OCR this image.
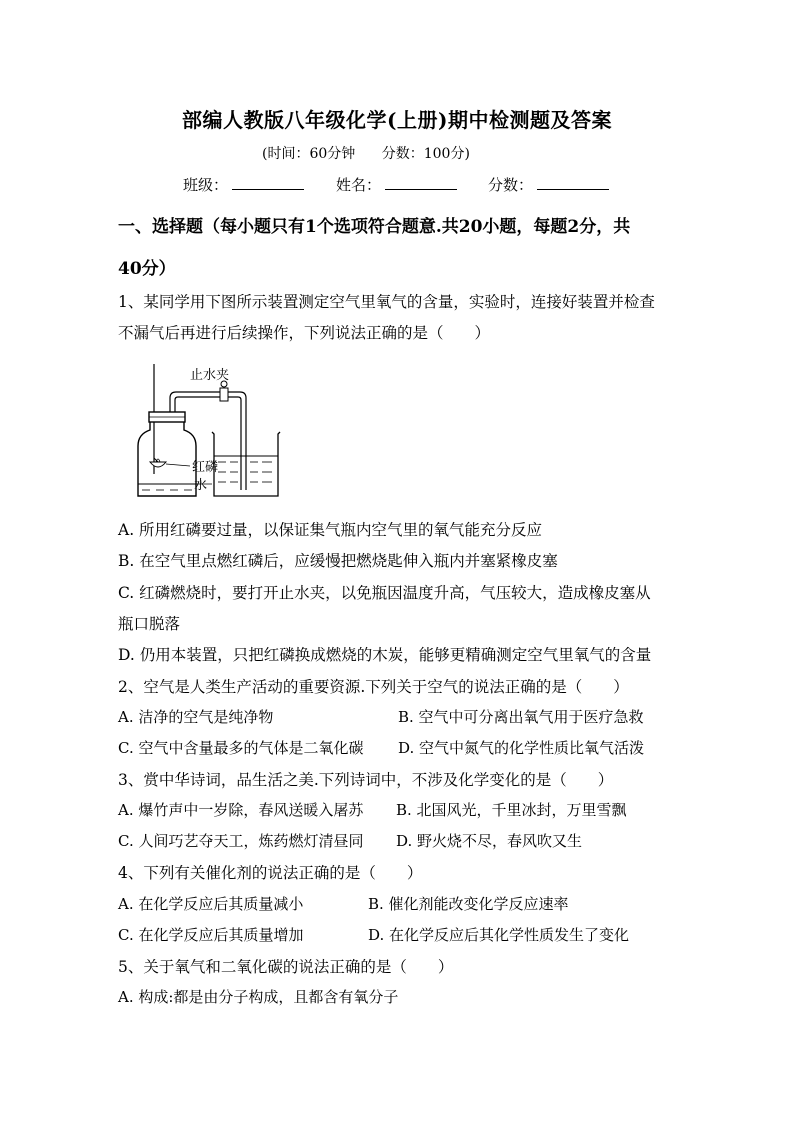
部编人教版八年级化学(上册)期中检测题及答案
(时间：60分钟 分数：100分)
班级：	姓名：	分数：
一、选择题（每小题只有1个选项符合题意.共20小题，每题2分，共
40分）
1、某同学用下图所示装置测定空气里氧气的含量，实验时，连接好装置并检查
不漏气后再进行后续操作，下列说法正确的是（　　）
止水夹
红磷
水
A. 所用红磷要过量，以保证集气瓶内空气里的氧气能充分反应
B. 在空气里点燃红磷后，应缓慢把燃烧匙伸入瓶内并塞紧橡皮塞
C. 红磷燃烧时，要打开止水夹，以免瓶因温度升高，气压较大，造成橡皮塞从
瓶口脱落
D. 仍用本装置，只把红磷换成燃烧的木炭，能够更精确测定空气里氧气的含量
2、空气是人类生产活动的重要资源.下列关于空气的说法正确的是（　　）
A. 洁净的空气是纯净物	B. 空气中可分离出氧气用于医疗急救
C. 空气中含量最多的气体是二氧化碳 D. 空气中氮气的化学性质比氧气活泼
3、赏中华诗词，品生活之美.下列诗词中，不涉及化学变化的是（　　）
A. 爆竹声中一岁除，春风送暖入屠苏 B. 北国风光，千里冰封，万里雪飘
C. 人间巧艺夺天工，炼药燃灯清昼同 D. 野火烧不尽，春风吹又生
4、下列有关催化剂的说法正确的是（　　）
A. 在化学反应后其质量减小	B. 催化剂能改变化学反应速率
C. 在化学反应后其质量增加	D. 在化学反应后其化学性质发生了变化
5、关于氧气和二氧化碳的说法正确的是（　　）
A. 构成:都是由分子构成，且都含有氧分子
